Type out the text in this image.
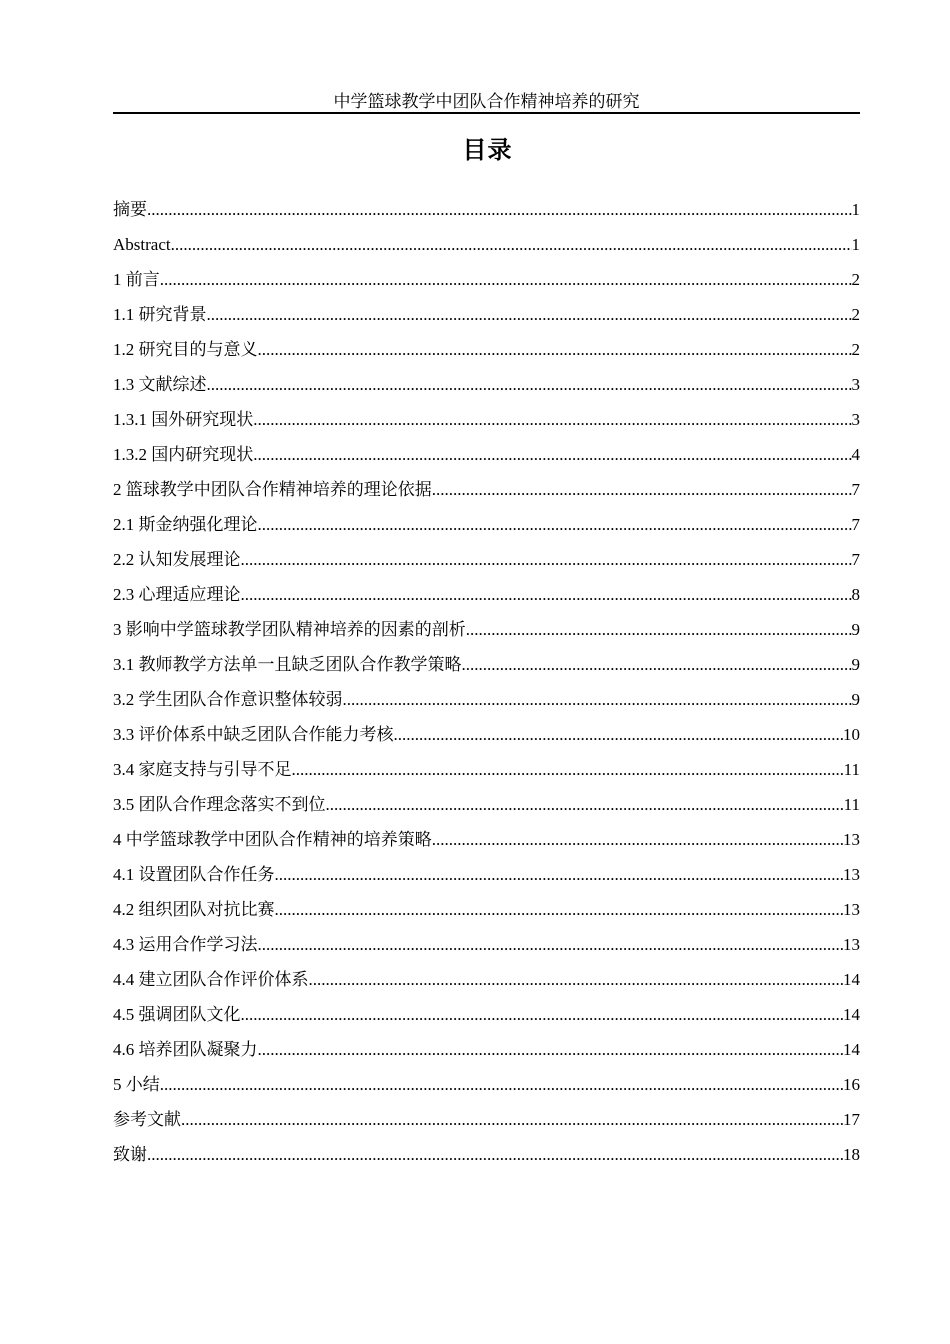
中学篮球教学中团队合作精神培养的研究
目录
摘要 .....	1
Abstract .....	1
1 前言 .....	2
1.1 研究背景 .....	2
1.2 研究目的与意义 .....	2
1.3 文献综述 .....	3
1.3.1 国外研究现状 .....	3
1.3.2 国内研究现状 .....	4
2 篮球教学中团队合作精神培养的理论依据 .....	7
2.1 斯金纳强化理论 .....	7
2.2 认知发展理论 .....	7
2.3 心理适应理论 .....	8
3 影响中学篮球教学团队精神培养的因素的剖析 .....	9
3.1 教师教学方法单一且缺乏团队合作教学策略 .....	9
3.2 学生团队合作意识整体较弱 .....	9
3.3 评价体系中缺乏团队合作能力考核 .....	10
3.4 家庭支持与引导不足 .....	11
3.5 团队合作理念落实不到位 .....	11
4 中学篮球教学中团队合作精神的培养策略 .....	13
4.1 设置团队合作任务 .....	13
4.2 组织团队对抗比赛 .....	13
4.3 运用合作学习法 .....	13
4.4 建立团队合作评价体系 .....	14
4.5 强调团队文化 .....	14
4.6 培养团队凝聚力 .....	14
5 小结 .....	16
参考文献 .....	17
致谢 .....	18
